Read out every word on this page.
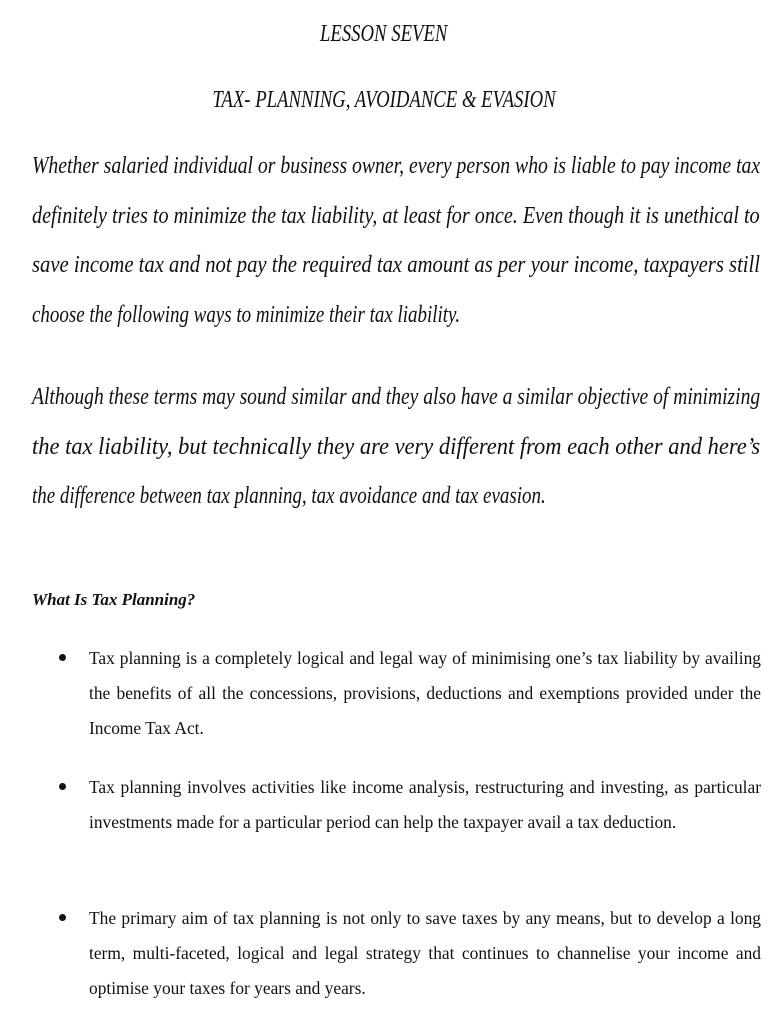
LESSON SEVEN
TAX- PLANNING, AVOIDANCE & EVASION
Whether salaried individual or business owner, every person who is liable to pay income tax
definitely tries to minimize the tax liability, at least for once. Even though it is unethical to
save income tax and not pay the required tax amount as per your income, taxpayers still
choose the following ways to minimize their tax liability.
Although these terms may sound similar and they also have a similar objective of minimizing
the tax liability, but technically they are very different from each other and here’s
the difference between tax planning, tax avoidance and tax evasion.
What Is Tax Planning?
Tax planning is a completely logical and legal way of minimising one’s tax liability by availing the benefits of all the concessions, provisions, deductions and exemptions provided under the Income Tax Act.
Tax planning involves activities like income analysis, restructuring and investing, as particular investments made for a particular period can help the taxpayer avail a tax deduction.
The primary aim of tax planning is not only to save taxes by any means, but to develop a long term, multi-faceted, logical and legal strategy that continues to channelise your income and optimise your taxes for years and years.
